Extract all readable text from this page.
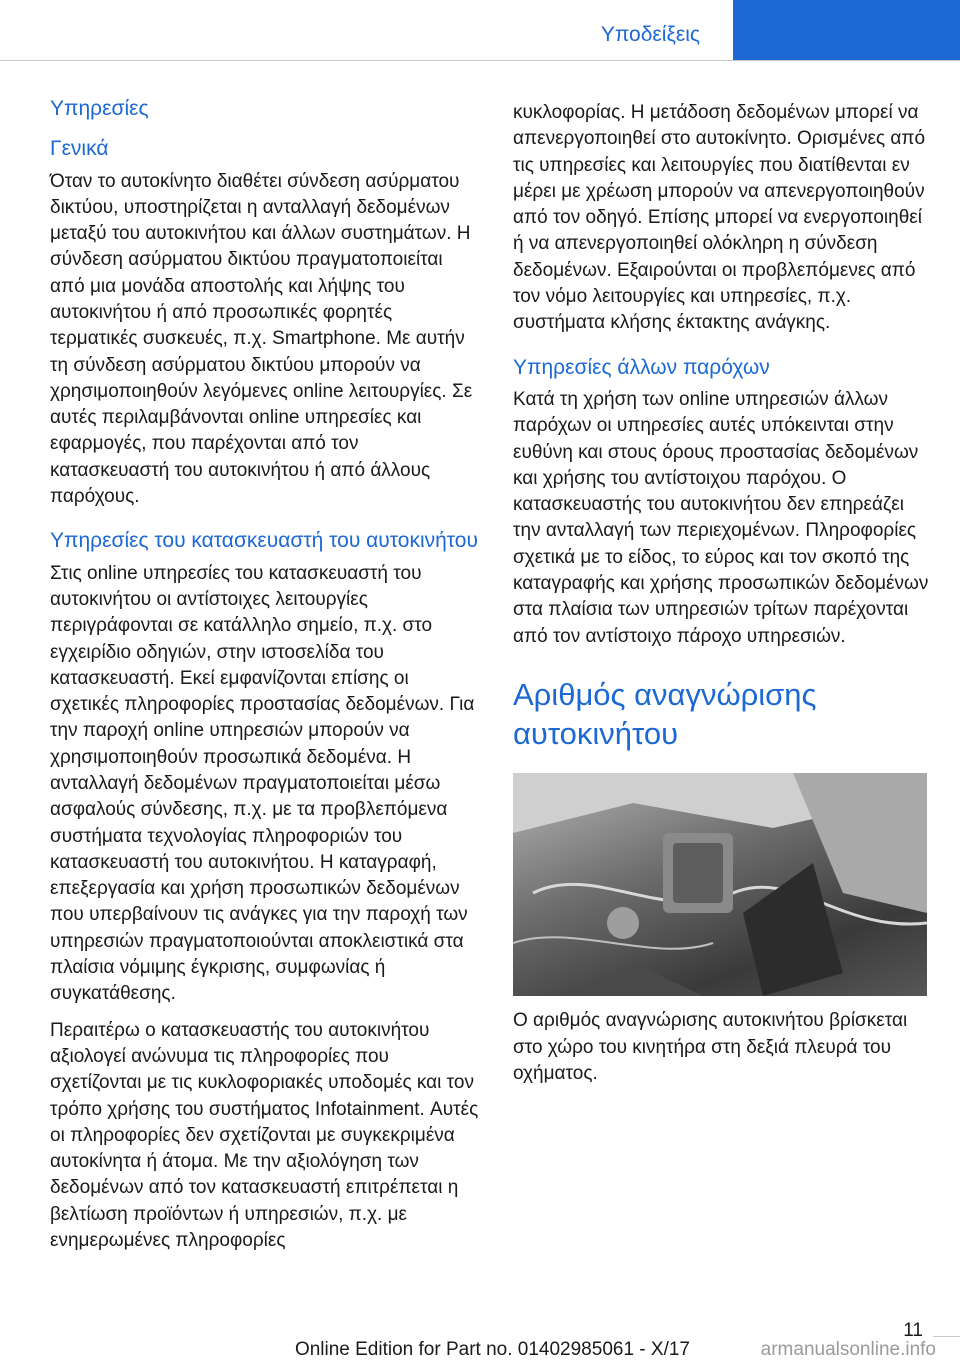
Υποδείξεις
Υπηρεσίες
Γενικά

Όταν το αυτοκίνητο διαθέτει σύνδεση ασύρματου δικτύου, υποστηρίζεται η ανταλλαγή δεδομένων μεταξύ του αυτοκινήτου και άλλων συστημάτων. Η σύνδεση ασύρματου δικτύου πραγματοποιείται από μια μονάδα αποστολής και λήψης του αυτοκινήτου ή από προσωπικές φορητές τερματικές συσκευές, π.χ. Smartphone. Με αυτήν τη σύνδεση ασύρματου δικτύου μπορούν να χρησιμοποιηθούν λεγόμενες online λειτουργίες. Σε αυτές περιλαμβάνονται online υπηρεσίες και εφαρμογές, που παρέχονται από τον κατασκευαστή του αυτοκινήτου ή από άλλους παρόχους.

Υπηρεσίες του κατασκευαστή του αυτοκινήτου

Στις online υπηρεσίες του κατασκευαστή του αυτοκινήτου οι αντίστοιχες λειτουργίες περιγράφονται σε κατάλληλο σημείο, π.χ. στο εγχειρίδιο οδηγιών, στην ιστοσελίδα του κατασκευαστή. Εκεί εμφανίζονται επίσης οι σχετικές πληροφορίες προστασίας δεδομένων. Για την παροχή online υπηρεσιών μπορούν να χρησιμοποιηθούν προσωπικά δεδομένα. Η ανταλλαγή δεδομένων πραγματοποιείται μέσω ασφαλούς σύνδεσης, π.χ. με τα προβλεπόμενα συστήματα τεχνολογίας πληροφοριών του κατασκευαστή του αυτοκινήτου. Η καταγραφή, επεξεργασία και χρήση προσωπικών δεδομένων που υπερβαίνουν τις ανάγκες για την παροχή των υπηρεσιών πραγματοποιούνται αποκλειστικά στα πλαίσια νόμιμης έγκρισης, συμφωνίας ή συγκατάθεσης.

Περαιτέρω ο κατασκευαστής του αυτοκινήτου αξιολογεί ανώνυμα τις πληροφορίες που σχετίζονται με τις κυκλοφοριακές υποδομές και τον τρόπο χρήσης του συστήματος Infotainment. Αυτές οι πληροφορίες δεν σχετίζονται με συγκεκριμένα αυτοκίνητα ή άτομα. Με την αξιολόγηση των δεδομένων από τον κατασκευαστή επιτρέπεται η βελτίωση προϊόντων ή υπηρεσιών, π.χ. με ενημερωμένες πληροφορίες

κυκλοφορίας. Η μετάδοση δεδομένων μπορεί να απενεργοποιηθεί στο αυτοκίνητο. Ορισμένες από τις υπηρεσίες και λειτουργίες που διατίθενται εν μέρει με χρέωση μπορούν να απενεργοποιηθούν από τον οδηγό. Επίσης μπορεί να ενεργοποιηθεί ή να απενεργοποιηθεί ολόκληρη η σύνδεση δεδομένων. Εξαιρούνται οι προβλεπόμενες από τον νόμο λειτουργίες και υπηρεσίες, π.χ. συστήματα κλήσης έκτακτης ανάγκης.

Υπηρεσίες άλλων παρόχων

Κατά τη χρήση των online υπηρεσιών άλλων παρόχων οι υπηρεσίες αυτές υπόκεινται στην ευθύνη και στους όρους προστασίας δεδομένων και χρήσης του αντίστοιχου παρόχου. Ο κατασκευαστής του αυτοκινήτου δεν επηρεάζει την ανταλλαγή των περιεχομένων. Πληροφορίες σχετικά με το είδος, το εύρος και τον σκοπό της καταγραφής και χρήσης προσωπικών δεδομένων στα πλαίσια των υπηρεσιών τρίτων παρέχονται από τον αντίστοιχο πάροχο υπηρεσιών.

Αριθμός αναγνώρισης αυτοκινήτου

Ο αριθμός αναγνώρισης αυτοκινήτου βρίσκεται στο χώρο του κινητήρα στη δεξιά πλευρά του οχήματος.

11
Online Edition for Part no. 01402985061 - X/17	armanualsonline.info
